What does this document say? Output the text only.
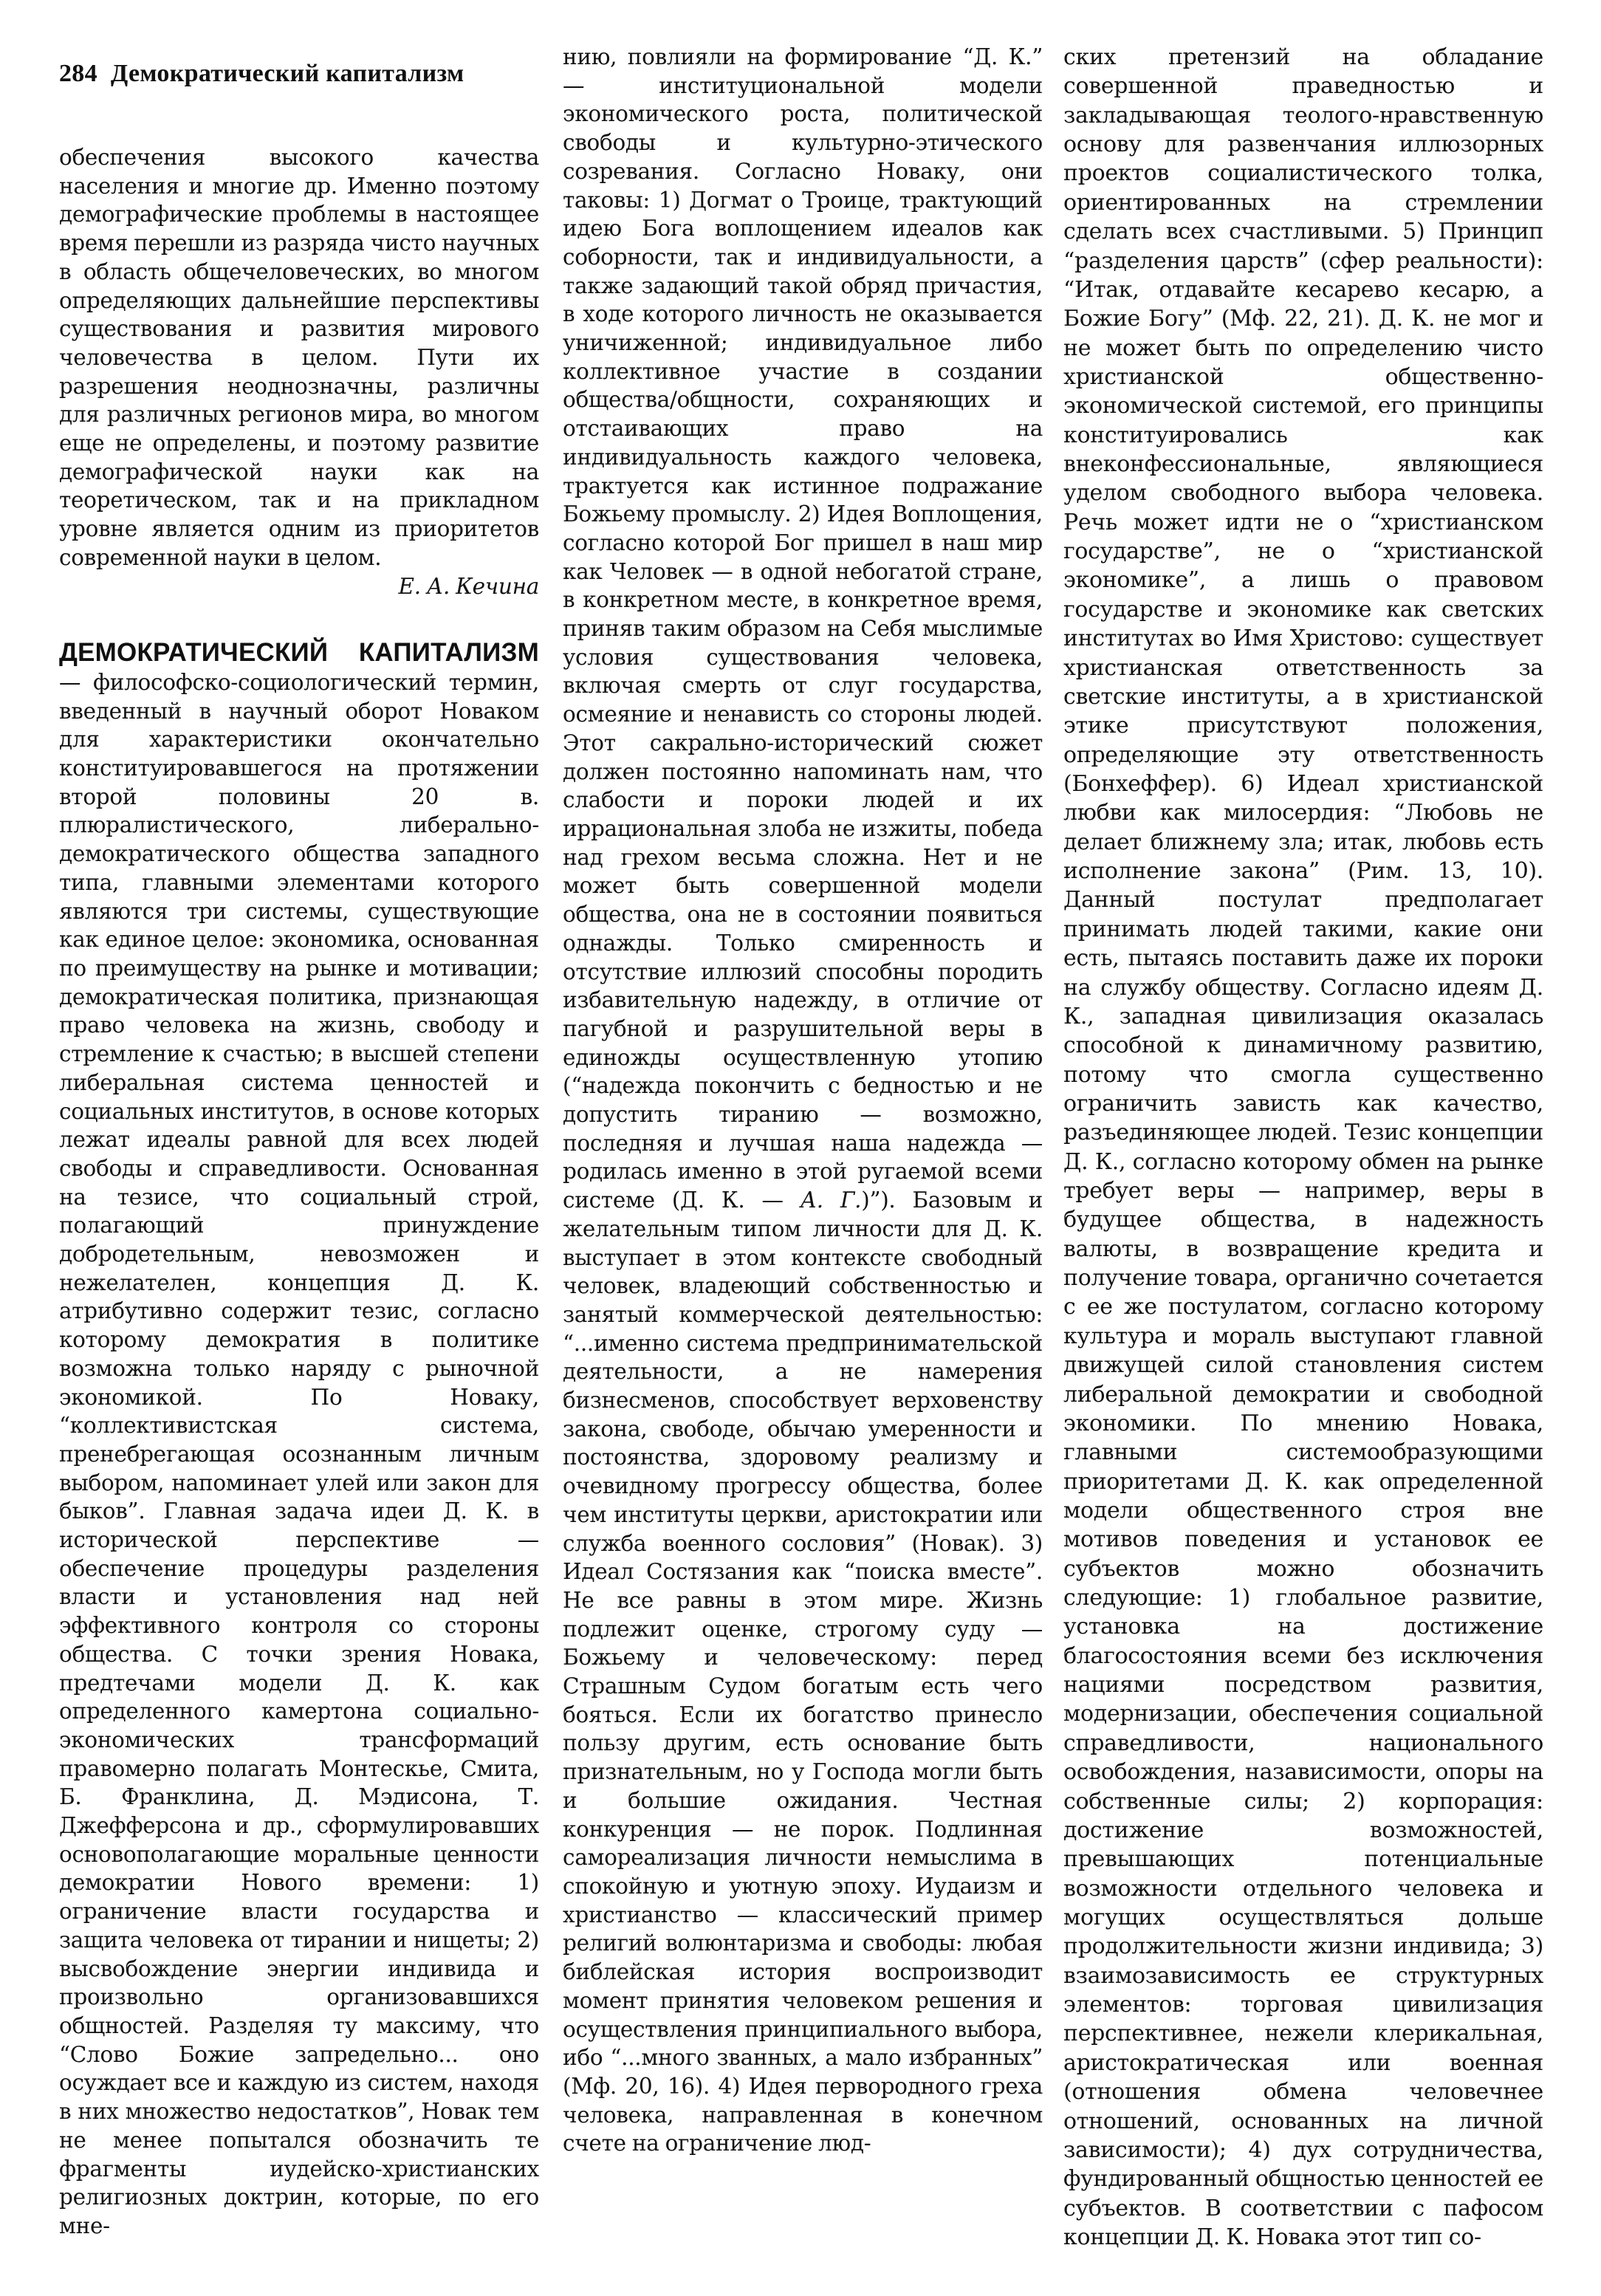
284 Демократический капитализм

обеспечения высокого качества населения и многие др. Именно поэтому демографические проблемы в настоящее время перешли из разряда чисто научных в область общечеловеческих, во многом определяющих дальнейшие перспективы существования и развития мирового человечества в целом. Пути их разрешения неоднозначны, различны для различных регионов мира, во многом еще не определены, и поэтому развитие демографической науки как на теоретическом, так и на прикладном уровне является одним из приоритетов современной науки в целом.

Е. А. Кечина

ДЕМОКРАТИЧЕСКИЙ КАПИТАЛИЗМ — философско-социологический термин, введенный в научный оборот Новаком для характеристики окончательно конституировавшегося на протяжении второй половины 20 в. плюралистического, либерально-демократического общества западного типа, главными элементами которого являются три системы, существующие как единое целое: экономика, основанная по преимуществу на рынке и мотивации; демократическая политика, признающая право человека на жизнь, свободу и стремление к счастью; в высшей степени либеральная система ценностей и социальных институтов, в основе которых лежат идеалы равной для всех людей свободы и справедливости. Основанная на тезисе, что социальный строй, полагающий принуждение добродетельным, невозможен и нежелателен, концепция Д. К. атрибутивно содержит тезис, согласно которому демократия в политике возможна только наряду с рыночной экономикой. По Новаку, “коллективистская система, пренебрегающая осознанным личным выбором, напоминает улей или закон для быков”. Главная задача идеи Д. К. в исторической перспективе — обеспечение процедуры разделения власти и установления над ней эффективного контроля со стороны общества. С точки зрения Новака, предтечами модели Д. К. как определенного камертона социально-экономических трансформаций правомерно полагать Монтескье, Смита, Б. Франклина, Д. Мэдисона, Т. Джефферсона и др., сформулировавших основополагающие моральные ценности демократии Нового времени: 1) ограничение власти государства и защита человека от тирании и нищеты; 2) высвобождение энергии индивида и произвольно организовавшихся общностей. Разделяя ту максиму, что “Слово Божие запредельно... оно осуждает все и каждую из систем, находя в них множество недостатков”, Новак тем не менее попытался обозначить те фрагменты иудейско-христианских религиозных доктрин, которые, по его мне-

нию, повлияли на формирование “Д. К.” — институциональной модели экономического роста, политической свободы и культурно-этического созревания. Согласно Новаку, они таковы: 1) Догмат о Троице, трактующий идею Бога воплощением идеалов как соборности, так и индивидуальности, а также задающий такой обряд причастия, в ходе которого личность не оказывается уничиженной; индивидуальное либо коллективное участие в создании общества/общности, сохраняющих и отстаивающих право на индивидуальность каждого человека, трактуется как истинное подражание Божьему промыслу. 2) Идея Воплощения, согласно которой Бог пришел в наш мир как Человек — в одной небогатой стране, в конкретном месте, в конкретное время, приняв таким образом на Себя мыслимые условия существования человека, включая смерть от слуг государства, осмеяние и ненависть со стороны людей. Этот сакрально-исторический сюжет должен постоянно напоминать нам, что слабости и пороки людей и их иррациональная злоба не изжиты, победа над грехом весьма сложна. Нет и не может быть совершенной модели общества, она не в состоянии появиться однажды. Только смиренность и отсутствие иллюзий способны породить избавительную надежду, в отличие от пагубной и разрушительной веры в единожды осуществленную утопию (“надежда покончить с бедностью и не допустить тиранию — возможно, последняя и лучшая наша надежда — родилась именно в этой ругаемой всеми системе (Д. К. — А. Г.)”). Базовым и желательным типом личности для Д. К. выступает в этом контексте свободный человек, владеющий собственностью и занятый коммерческой деятельностью: “...именно система предпринимательской деятельности, а не намерения бизнесменов, способствует верховенству закона, свободе, обычаю умеренности и постоянства, здоровому реализму и очевидному прогрессу общества, более чем институты церкви, аристократии или служба военного сословия” (Новак). 3) Идеал Состязания как “поиска вместе”. Не все равны в этом мире. Жизнь подлежит оценке, строгому суду — Божьему и человеческому: перед Страшным Судом богатым есть чего бояться. Если их богатство принесло пользу другим, есть основание быть признательным, но у Господа могли быть и большие ожидания. Честная конкуренция — не порок. Подлинная самореализация личности немыслима в спокойную и уютную эпоху. Иудаизм и христианство — классический пример религий волюнтаризма и свободы: любая библейская история воспроизводит момент принятия человеком решения и осуществления принципиального выбора, ибо “...много званных, а мало избранных” (Мф. 20, 16). 4) Идея первородного греха человека, направленная в конечном счете на ограничение люд-

ских претензий на обладание совершенной праведностью и закладывающая теолого-нравственную основу для развенчания иллюзорных проектов социалистического толка, ориентированных на стремлении сделать всех счастливыми. 5) Принцип “разделения царств” (сфер реальности): “Итак, отдавайте кесарево кесарю, а Божие Богу” (Мф. 22, 21). Д. К. не мог и не может быть по определению чисто христианской общественно-экономической системой, его принципы конституировались как внеконфессиональные, являющиеся уделом свободного выбора человека. Речь может идти не о “христианском государстве”, не о “христианской экономике”, а лишь о правовом государстве и экономике как светских институтах во Имя Христово: существует христианская ответственность за светские институты, а в христианской этике присутствуют положения, определяющие эту ответственность (Бонхеффер). 6) Идеал христианской любви как милосердия: “Любовь не делает ближнему зла; итак, любовь есть исполнение закона” (Рим. 13, 10). Данный постулат предполагает принимать людей такими, какие они есть, пытаясь поставить даже их пороки на службу обществу. Согласно идеям Д. К., западная цивилизация оказалась способной к динамичному развитию, потому что смогла существенно ограничить зависть как качество, разъединяющее людей. Тезис концепции Д. К., согласно которому обмен на рынке требует веры — например, веры в будущее общества, в надежность валюты, в возвращение кредита и получение товара, органично сочетается с ее же постулатом, согласно которому культура и мораль выступают главной движущей силой становления систем либеральной демократии и свободной экономики. По мнению Новака, главными системообразующими приоритетами Д. К. как определенной модели общественного строя вне мотивов поведения и установок ее субъектов можно обозначить следующие: 1) глобальное развитие, установка на достижение благосостояния всеми без исключения нациями посредством развития, модернизации, обеспечения социальной справедливости, национального освобождения, назависимости, опоры на собственные силы; 2) корпорация: достижение возможностей, превышающих потенциальные возможности отдельного человека и могущих осуществляться дольше продолжительности жизни индивида; 3) взаимозависимость ее структурных элементов: торговая цивилизация перспективнее, нежели клерикальная, аристократическая или военная (отношения обмена человечнее отношений, основанных на личной зависимости); 4) дух сотрудничества, фундированный общностью ценностей ее субъектов. В соответствии с пафосом концепции Д. К. Новака этот тип со-
